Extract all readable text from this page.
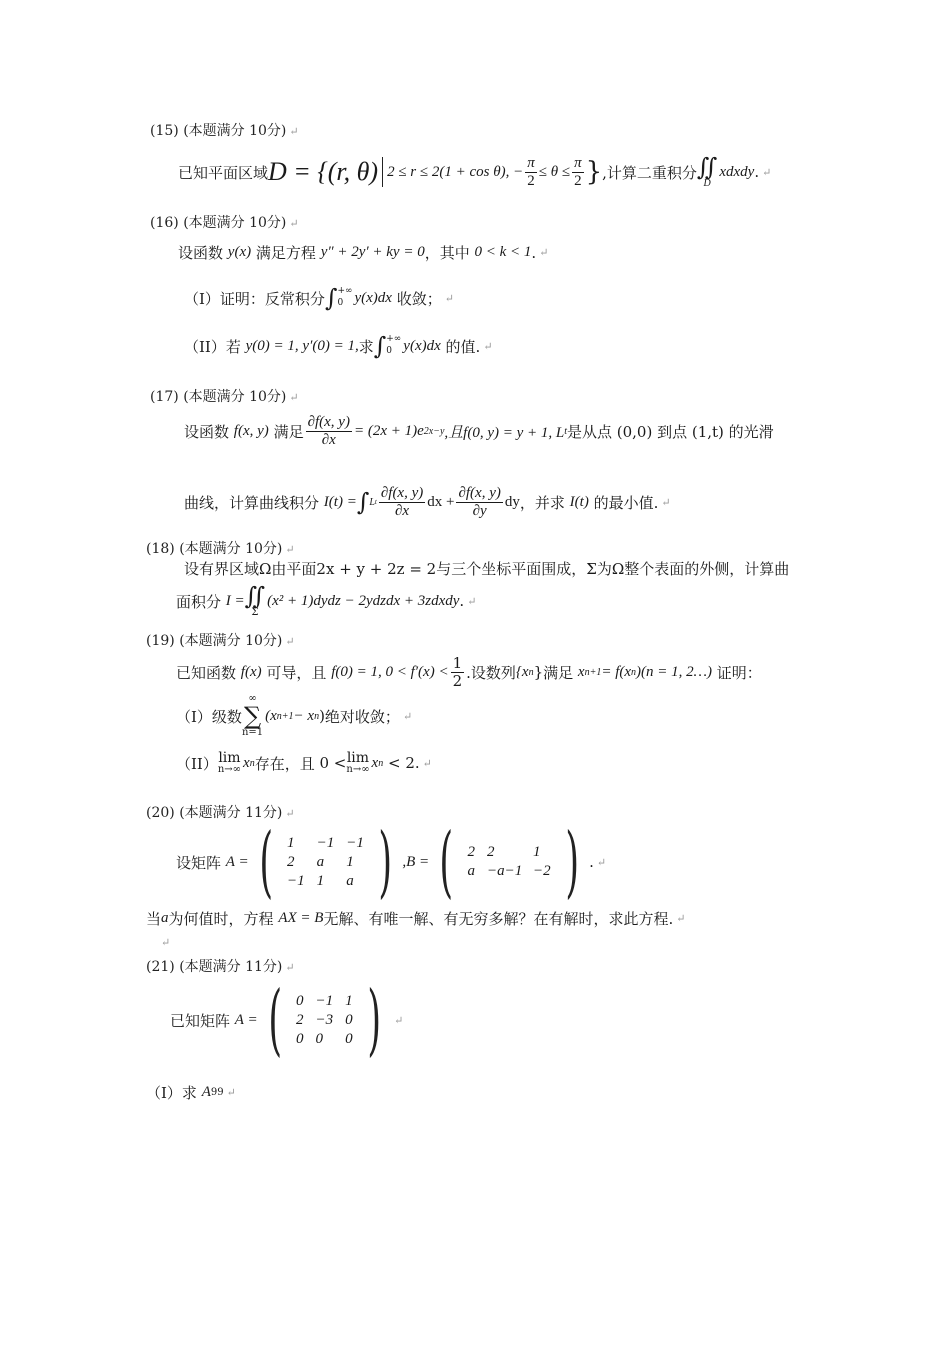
(15) (本题满分 10分) ↵
已知平面区域 D = {(r, θ) 2 ≤ r ≤ 2(1 + cos θ), − $\frac{\pi}{2} \le \theta \le \frac{\pi}{2}$ } ,计算二重积分 ∬
D
xdxdy . ↵
(16) (本题满分 10分) ↵
设函数
y(x)
满足方程
y″ + 2y′ + ky = 0 ，其中
0 < k < 1 . ↵
（I）证明：反常积分 ∫ +∞
0 y(x)dx
收敛； ↵
（II）若
y(0) = 1, y′(0) = 1, 求 ∫ +∞
0 y(x)dx
的值. ↵
(17) (本题满分 10分) ↵
设函数
f(x, y)
满足 $\frac{\partial f(x, y)}{\partial x} = (2x + 1)e$ 2x−y ,且f(0, y) = y + 1, L t 是从点 (0,0) 到点 (1,t) 的光滑
曲线，计算曲线积分
I(t) = ∫ L t $\frac{\partial f(x, y)}{\partial x}$ dx + $\frac{\partial f(x, y)}{\partial y}$ dy ，并求
I(t)
的最小值. ↵
(18) (本题满分 10分) ↵
设有界区域Ω由平面2x + y + 2z = 2与三个坐标平面围成，Σ为Ω整个表面的外侧，计算曲
面积分
I = ∬
Σ
(x² + 1)dydz − 2ydzdx + 3zdxdy . ↵
(19) (本题满分 10分) ↵
已知函数
f(x)
可导，且
f(0) = 1, $0 < f'(x) < \frac{1}{2}$ .设数列 {x n } 满足
x n+1 = f(x n )(n = 1, 2…)
证明：
（I）级数
∞
∑
n=1
(x n+1 − x n ) 绝对收敛； ↵
（II） lim
n→∞ x n 存在，且
0 < lim
n→∞ x n
< 2. ↵
(20) (本题满分 11分) ↵
设矩阵
A = ( 1	−1 −1
2	a	1
−1 1	a ) ,B = ( 2 2	1
a −a−1 −2 ) . ↵
当 a 为何值时，方程
AX = B 无解、有唯一解、有无穷多解？在有解时，求此方程. ↵
↵
(21) (本题满分 11分) ↵
已知矩阵
A = ( 0 −1 1
2 −3 0
0 0	0 ) ↵
（I）求
A 99 ↵
